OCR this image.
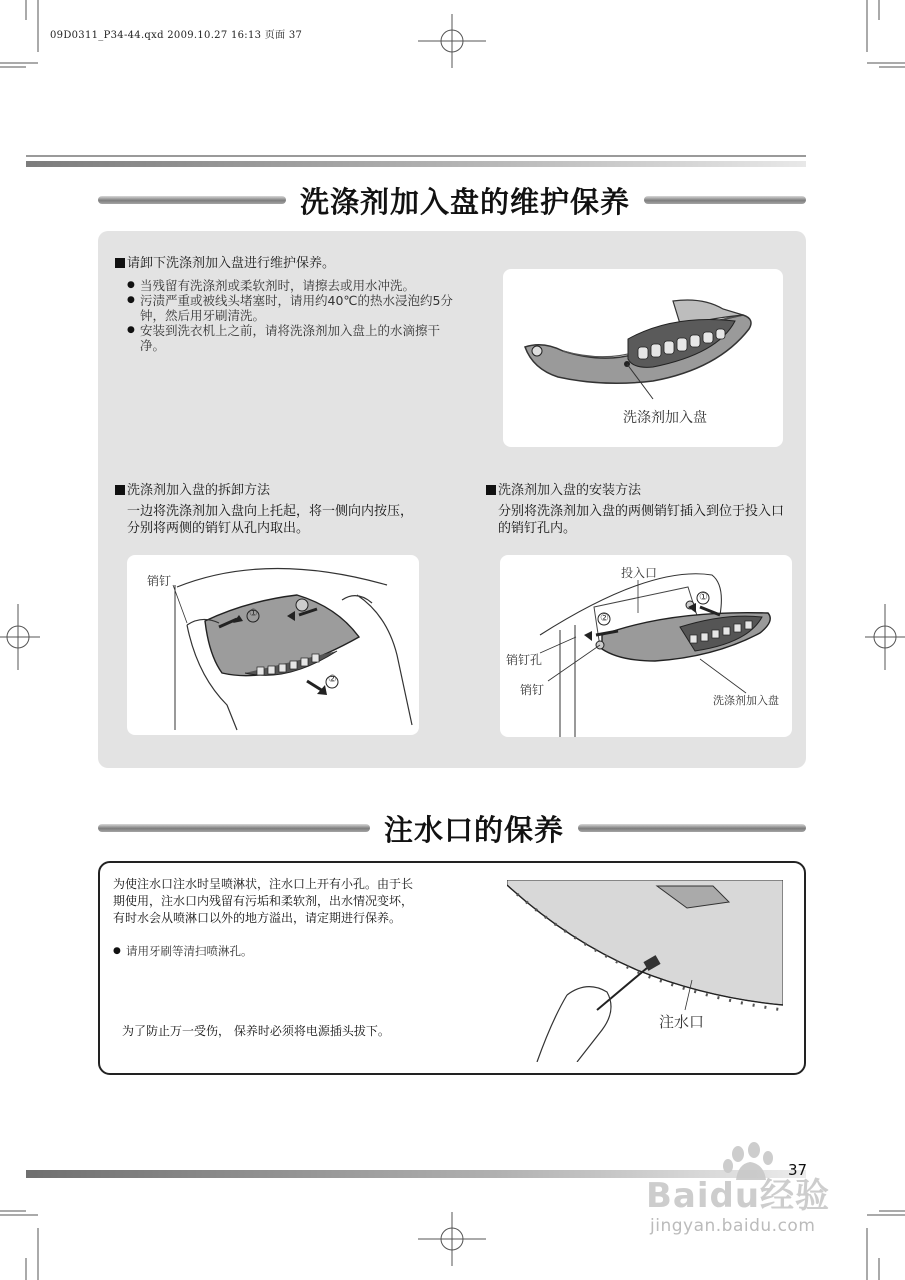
09D0311_P34-44.qxd 2009.10.27 16:13 页面 37
洗涤剂加入盘的维护保养
请卸下洗涤剂加入盘进行维护保养。
● 当残留有洗涤剂或柔软剂时，请擦去或用水冲洗。
● 污渍严重或被线头堵塞时，请用约40℃的热水浸泡约5分钟，然后用牙刷清洗。
● 安装到洗衣机上之前，请将洗涤剂加入盘上的水滴擦干净。
洗涤剂加入盘
洗涤剂加入盘的拆卸方法
一边将洗涤剂加入盘向上托起，将一侧向内按压，分别将两侧的销钉从孔内取出。
销钉
①
②
洗涤剂加入盘的安装方法
分别将洗涤剂加入盘的两侧销钉插入到位于投入口的销钉孔内。
投入口
销钉孔
销钉
洗涤剂加入盘
②
①
注水口的保养
为使注水口注水时呈喷淋状，注水口上开有小孔。由于长期使用，注水口内残留有污垢和柔软剂，出水情况变坏，有时水会从喷淋口以外的地方溢出，请定期进行保养。
● 请用牙刷等清扫喷淋孔。
为了防止万一受伤， 保养时必须将电源插头拔下。	注水口
37
Baidu经验
jingyan.baidu.com
